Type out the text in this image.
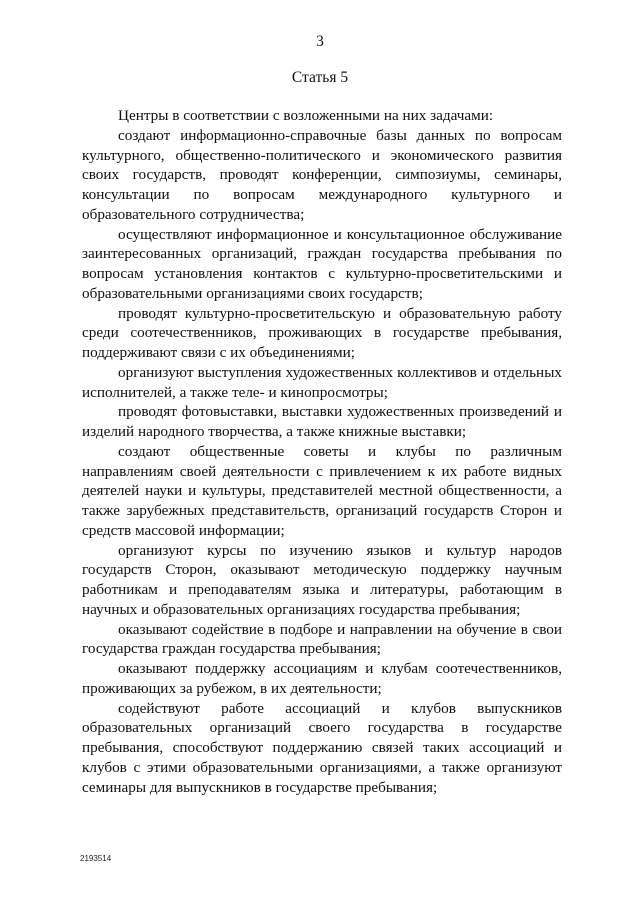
3
Статья 5

Центры в соответствии с возложенными на них задачами:

создают информационно-справочные базы данных по вопросам культурного, общественно-политического и экономического развития своих государств, проводят конференции, симпозиумы, семинары, консультации по вопросам международного культурного и образовательного сотрудничества;

осуществляют информационное и консультационное обслуживание заинтересованных организаций, граждан государства пребывания по вопросам установления контактов с культурно-просветительскими и образовательными организациями своих государств;

проводят культурно-просветительскую и образовательную работу среди соотечественников, проживающих в государстве пребывания, поддерживают связи с их объединениями;

организуют выступления художественных коллективов и отдельных исполнителей, а также теле- и кинопросмотры;

проводят фотовыставки, выставки художественных произведений и изделий народного творчества, а также книжные выставки;

создают общественные советы и клубы по различным направлениям своей деятельности с привлечением к их работе видных деятелей науки и культуры, представителей местной общественности, а также зарубежных представительств, организаций государств Сторон и средств массовой информации;

организуют курсы по изучению языков и культур народов государств Сторон, оказывают методическую поддержку научным работникам и преподавателям языка и литературы, работающим в научных и образовательных организациях государства пребывания;

оказывают содействие в подборе и направлении на обучение в свои государства граждан государства пребывания;

оказывают поддержку ассоциациям и клубам соотечественников, проживающих за рубежом, в их деятельности;

содействуют работе ассоциаций и клубов выпускников образовательных организаций своего государства в государстве пребывания, способствуют поддержанию связей таких ассоциаций и клубов с этими образовательными организациями, а также организуют семинары для выпускников в государстве пребывания;

2193514
